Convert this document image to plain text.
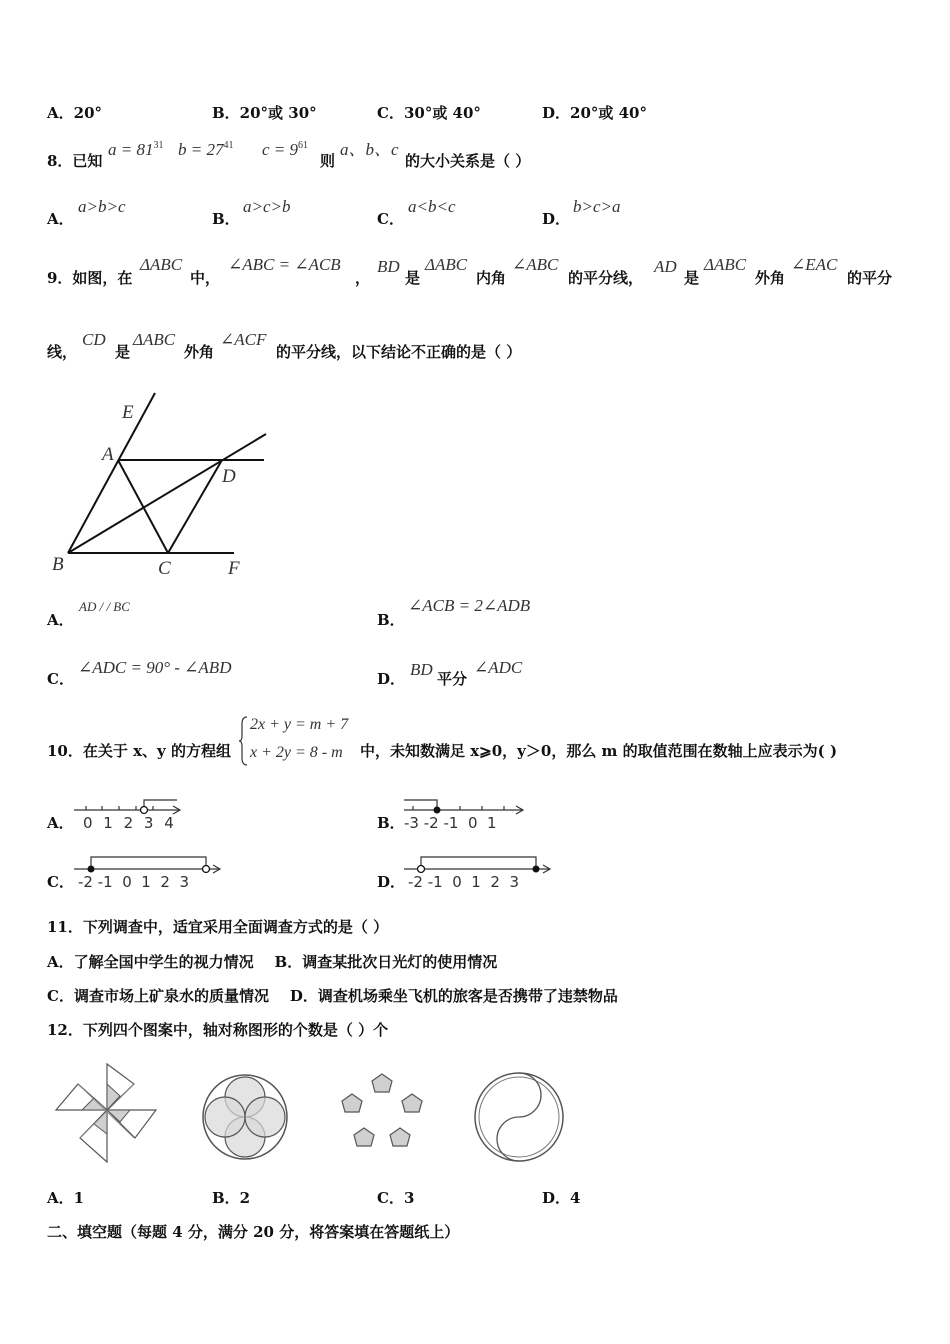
A．20°	B．20°或 30°	C．30°或 40°	D．20°或 40°
8．已知
$a = 81^{31}$ $b = 27^{41}$ $c = 9^{61}$
则
a、b、c
的大小关系是（ ）
A．
a>b>c
B．
a>c>b
C．
a<b<c
D．
b>c>a
9．如图，在
ΔABC
中，
∠ABC = ∠ACB
，
BD
是
ΔABC
内角
∠ABC
的平分线，
AD
是
ΔABC
外角
∠EAC
的平分
线，
CD
是
ΔABC
外角
∠ACF
的平分线，以下结论不正确的是（ ）
E
A
D
B	C	F
A．
AD / / BC
B．
∠ACB = 2∠ADB
C．
∠ADC = 90° - ∠ABD
D． BD 平分
∠ADC
10．在关于 x、y 的方程组
2x + y = m + 7
x + 2y = 8 - m 中，未知数满足 x⩾0，y＞0，那么 m 的取值范围在数轴上应表示为( )
A． 0 1 2 3 4	B． -3 -2 -1  0  1
C． -2 -1  0  1  2  3	D． -2 -1  0  1  2  3
11．下列调查中，适宜采用全面调查方式的是（ ）
A．了解全国中学生的视力情况    B．调查某批次日光灯的使用情况
C．调查市场上矿泉水的质量情况    D．调查机场乘坐飞机的旅客是否携带了违禁物品
12．下列四个图案中，轴对称图形的个数是（ ）个
A．1	B．2	C．3	D．4
二、填空题（每题 4 分，满分 20 分，将答案填在答题纸上）
